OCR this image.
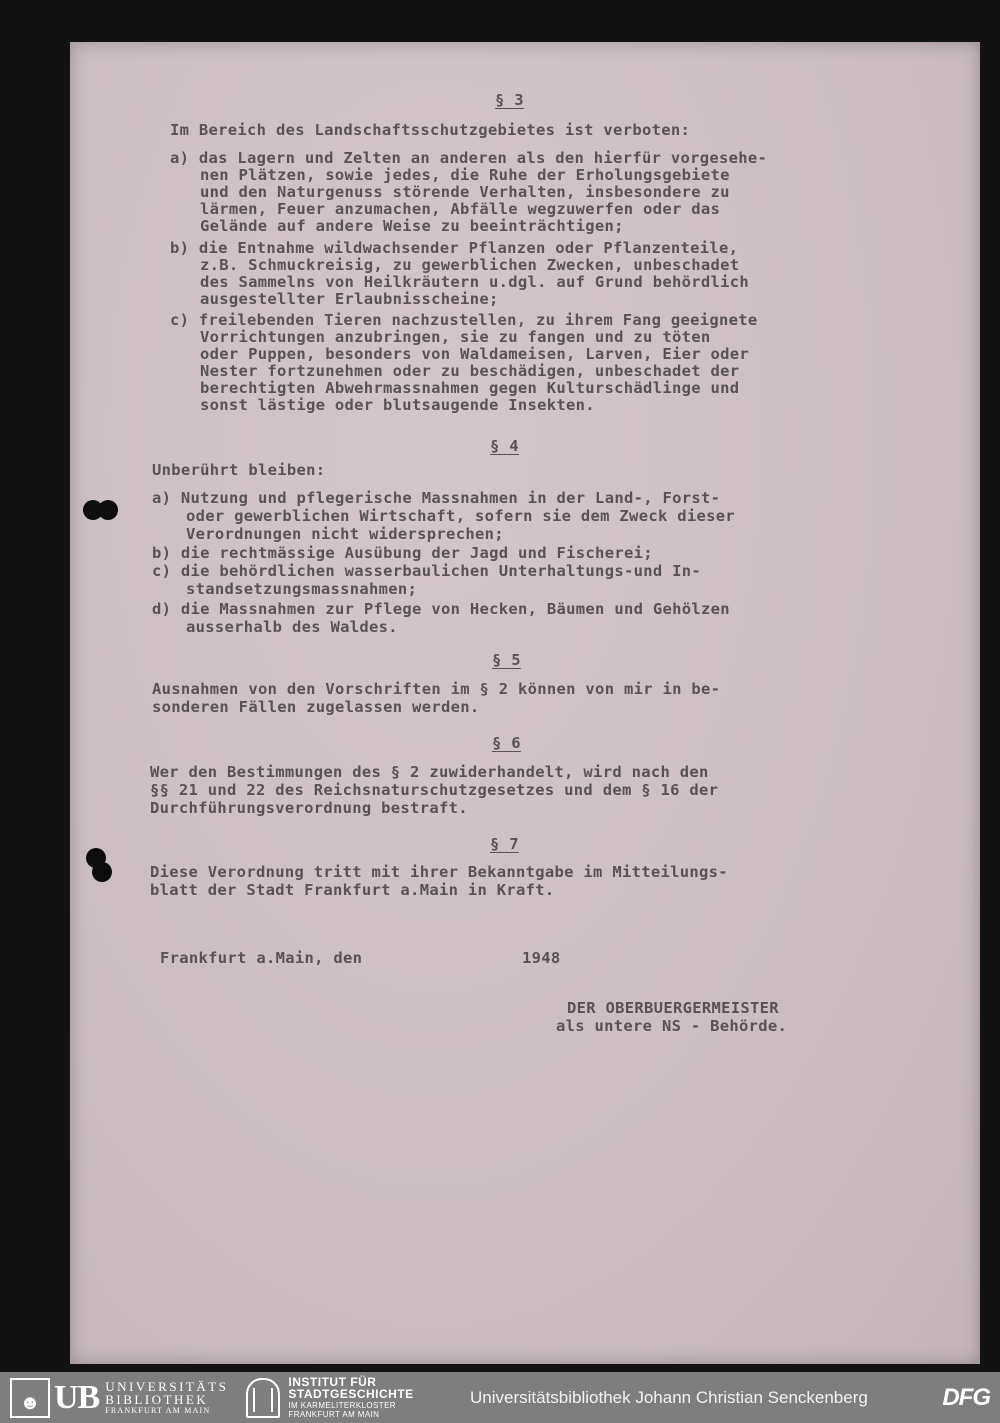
§ 3
Im Bereich des Landschaftsschutzgebietes ist verboten:
a) das Lagern und Zelten an anderen als den hierfür vorgesehe-
nen Plätzen, sowie jedes, die Ruhe der Erholungsgebiete
und den Naturgenuss störende Verhalten, insbesondere zu
lärmen, Feuer anzumachen, Abfälle wegzuwerfen oder das
Gelände auf andere Weise zu beeinträchtigen;
b) die Entnahme wildwachsender Pflanzen oder Pflanzenteile,
z.B. Schmuckreisig, zu gewerblichen Zwecken, unbeschadet
des Sammelns von Heilkräutern u.dgl. auf Grund behördlich
ausgestellter Erlaubnisscheine;
c) freilebenden Tieren nachzustellen, zu ihrem Fang geeignete
Vorrichtungen anzubringen, sie zu fangen und zu töten
oder Puppen, besonders von Waldameisen, Larven, Eier oder
Nester fortzunehmen oder zu beschädigen, unbeschadet der
berechtigten Abwehrmassnahmen gegen Kulturschädlinge und
sonst lästige oder blutsaugende Insekten.
§ 4
Unberührt bleiben:
a) Nutzung und pflegerische Massnahmen in der Land-, Forst-
oder gewerblichen Wirtschaft, sofern sie dem Zweck dieser
Verordnungen nicht widersprechen;
b) die rechtmässige Ausübung der Jagd und Fischerei;
c) die behördlichen wasserbaulichen Unterhaltungs-und In-
standsetzungsmassnahmen;
d) die Massnahmen zur Pflege von Hecken, Bäumen und Gehölzen
ausserhalb des Waldes.
§ 5
Ausnahmen von den Vorschriften im § 2 können von mir in be-
sonderen Fällen zugelassen werden.
§ 6
Wer den Bestimmungen des § 2 zuwiderhandelt, wird nach den
§§ 21 und 22 des Reichsnaturschutzgesetzes und dem § 16 der
Durchführungsverordnung bestraft.
§ 7
Diese Verordnung tritt mit ihrer Bekanntgabe im Mitteilungs-
blatt der Stadt Frankfurt a.Main in Kraft.
Frankfurt a.Main, den	1948
DER OBERBUERGERMEISTER
als untere NS - Behörde.
☻ UB UNIVERSITÄTS
BIBLIOTHEK
FRANKFURT AM MAIN
INSTITUT FÜR
STADTGESCHICHTE
IM KARMELITERKLOSTER
FRANKFURT AM MAIN
Universitätsbibliothek Johann Christian Senckenberg	DFG
